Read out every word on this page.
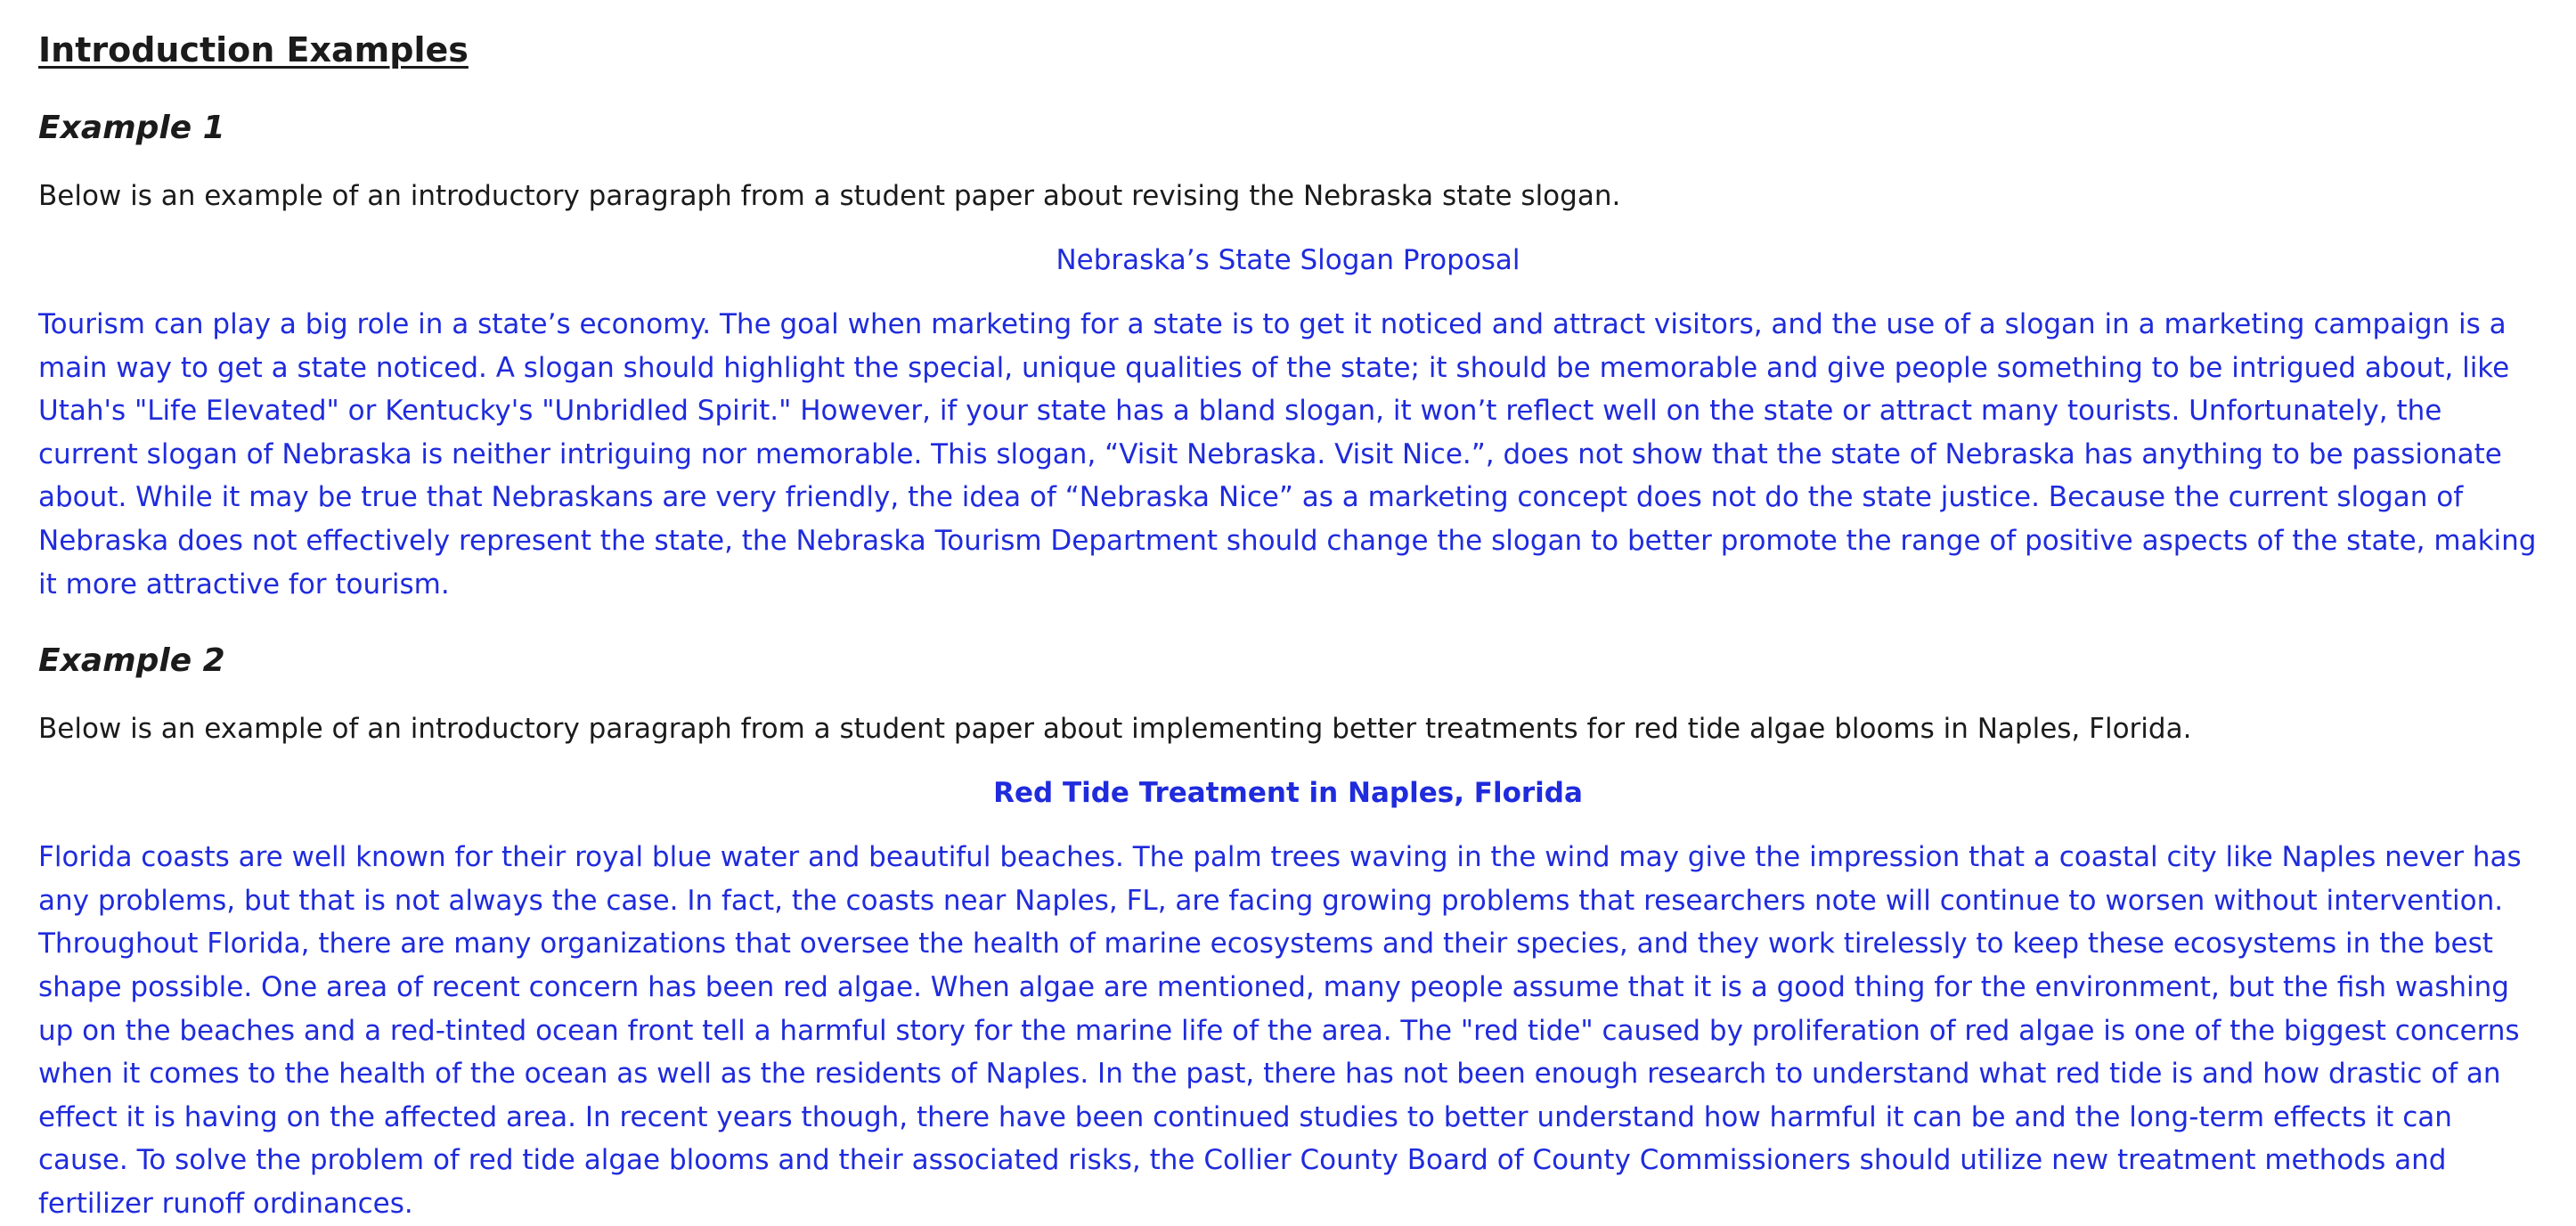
Introduction Examples
Example 1

Below is an example of an introductory paragraph from a student paper about revising the Nebraska state slogan.

Nebraska’s State Slogan Proposal

Tourism can play a big role in a state’s economy. The goal when marketing for a state is to get it noticed and attract visitors, and the use of a slogan in a marketing campaign is a main way to get a state noticed. A slogan should highlight the special, unique qualities of the state; it should be memorable and give people something to be intrigued about, like Utah's "Life Elevated" or Kentucky's "Unbridled Spirit." However, if your state has a bland slogan, it won’t reflect well on the state or attract many tourists. Unfortunately, the current slogan of Nebraska is neither intriguing nor memorable. This slogan, “Visit Nebraska. Visit Nice.”, does not show that the state of Nebraska has anything to be passionate about. While it may be true that Nebraskans are very friendly, the idea of “Nebraska Nice” as a marketing concept does not do the state justice. Because the current slogan of Nebraska does not effectively represent the state, the Nebraska Tourism Department should change the slogan to better promote the range of positive aspects of the state, making it more attractive for tourism.

Example 2

Below is an example of an introductory paragraph from a student paper about implementing better treatments for red tide algae blooms in Naples, Florida.

Red Tide Treatment in Naples, Florida

Florida coasts are well known for their royal blue water and beautiful beaches. The palm trees waving in the wind may give the impression that a coastal city like Naples never has any problems, but that is not always the case. In fact, the coasts near Naples, FL, are facing growing problems that researchers note will continue to worsen without intervention. Throughout Florida, there are many organizations that oversee the health of marine ecosystems and their species, and they work tirelessly to keep these ecosystems in the best shape possible. One area of recent concern has been red algae. When algae are mentioned, many people assume that it is a good thing for the environment, but the fish washing up on the beaches and a red-tinted ocean front tell a harmful story for the marine life of the area. The "red tide" caused by proliferation of red algae is one of the biggest concerns when it comes to the health of the ocean as well as the residents of Naples. In the past, there has not been enough research to understand what red tide is and how drastic of an effect it is having on the affected area. In recent years though, there have been continued studies to better understand how harmful it can be and the long-term effects it can cause. To solve the problem of red tide algae blooms and their associated risks, the Collier County Board of County Commissioners should utilize new treatment methods and fertilizer runoff ordinances.
